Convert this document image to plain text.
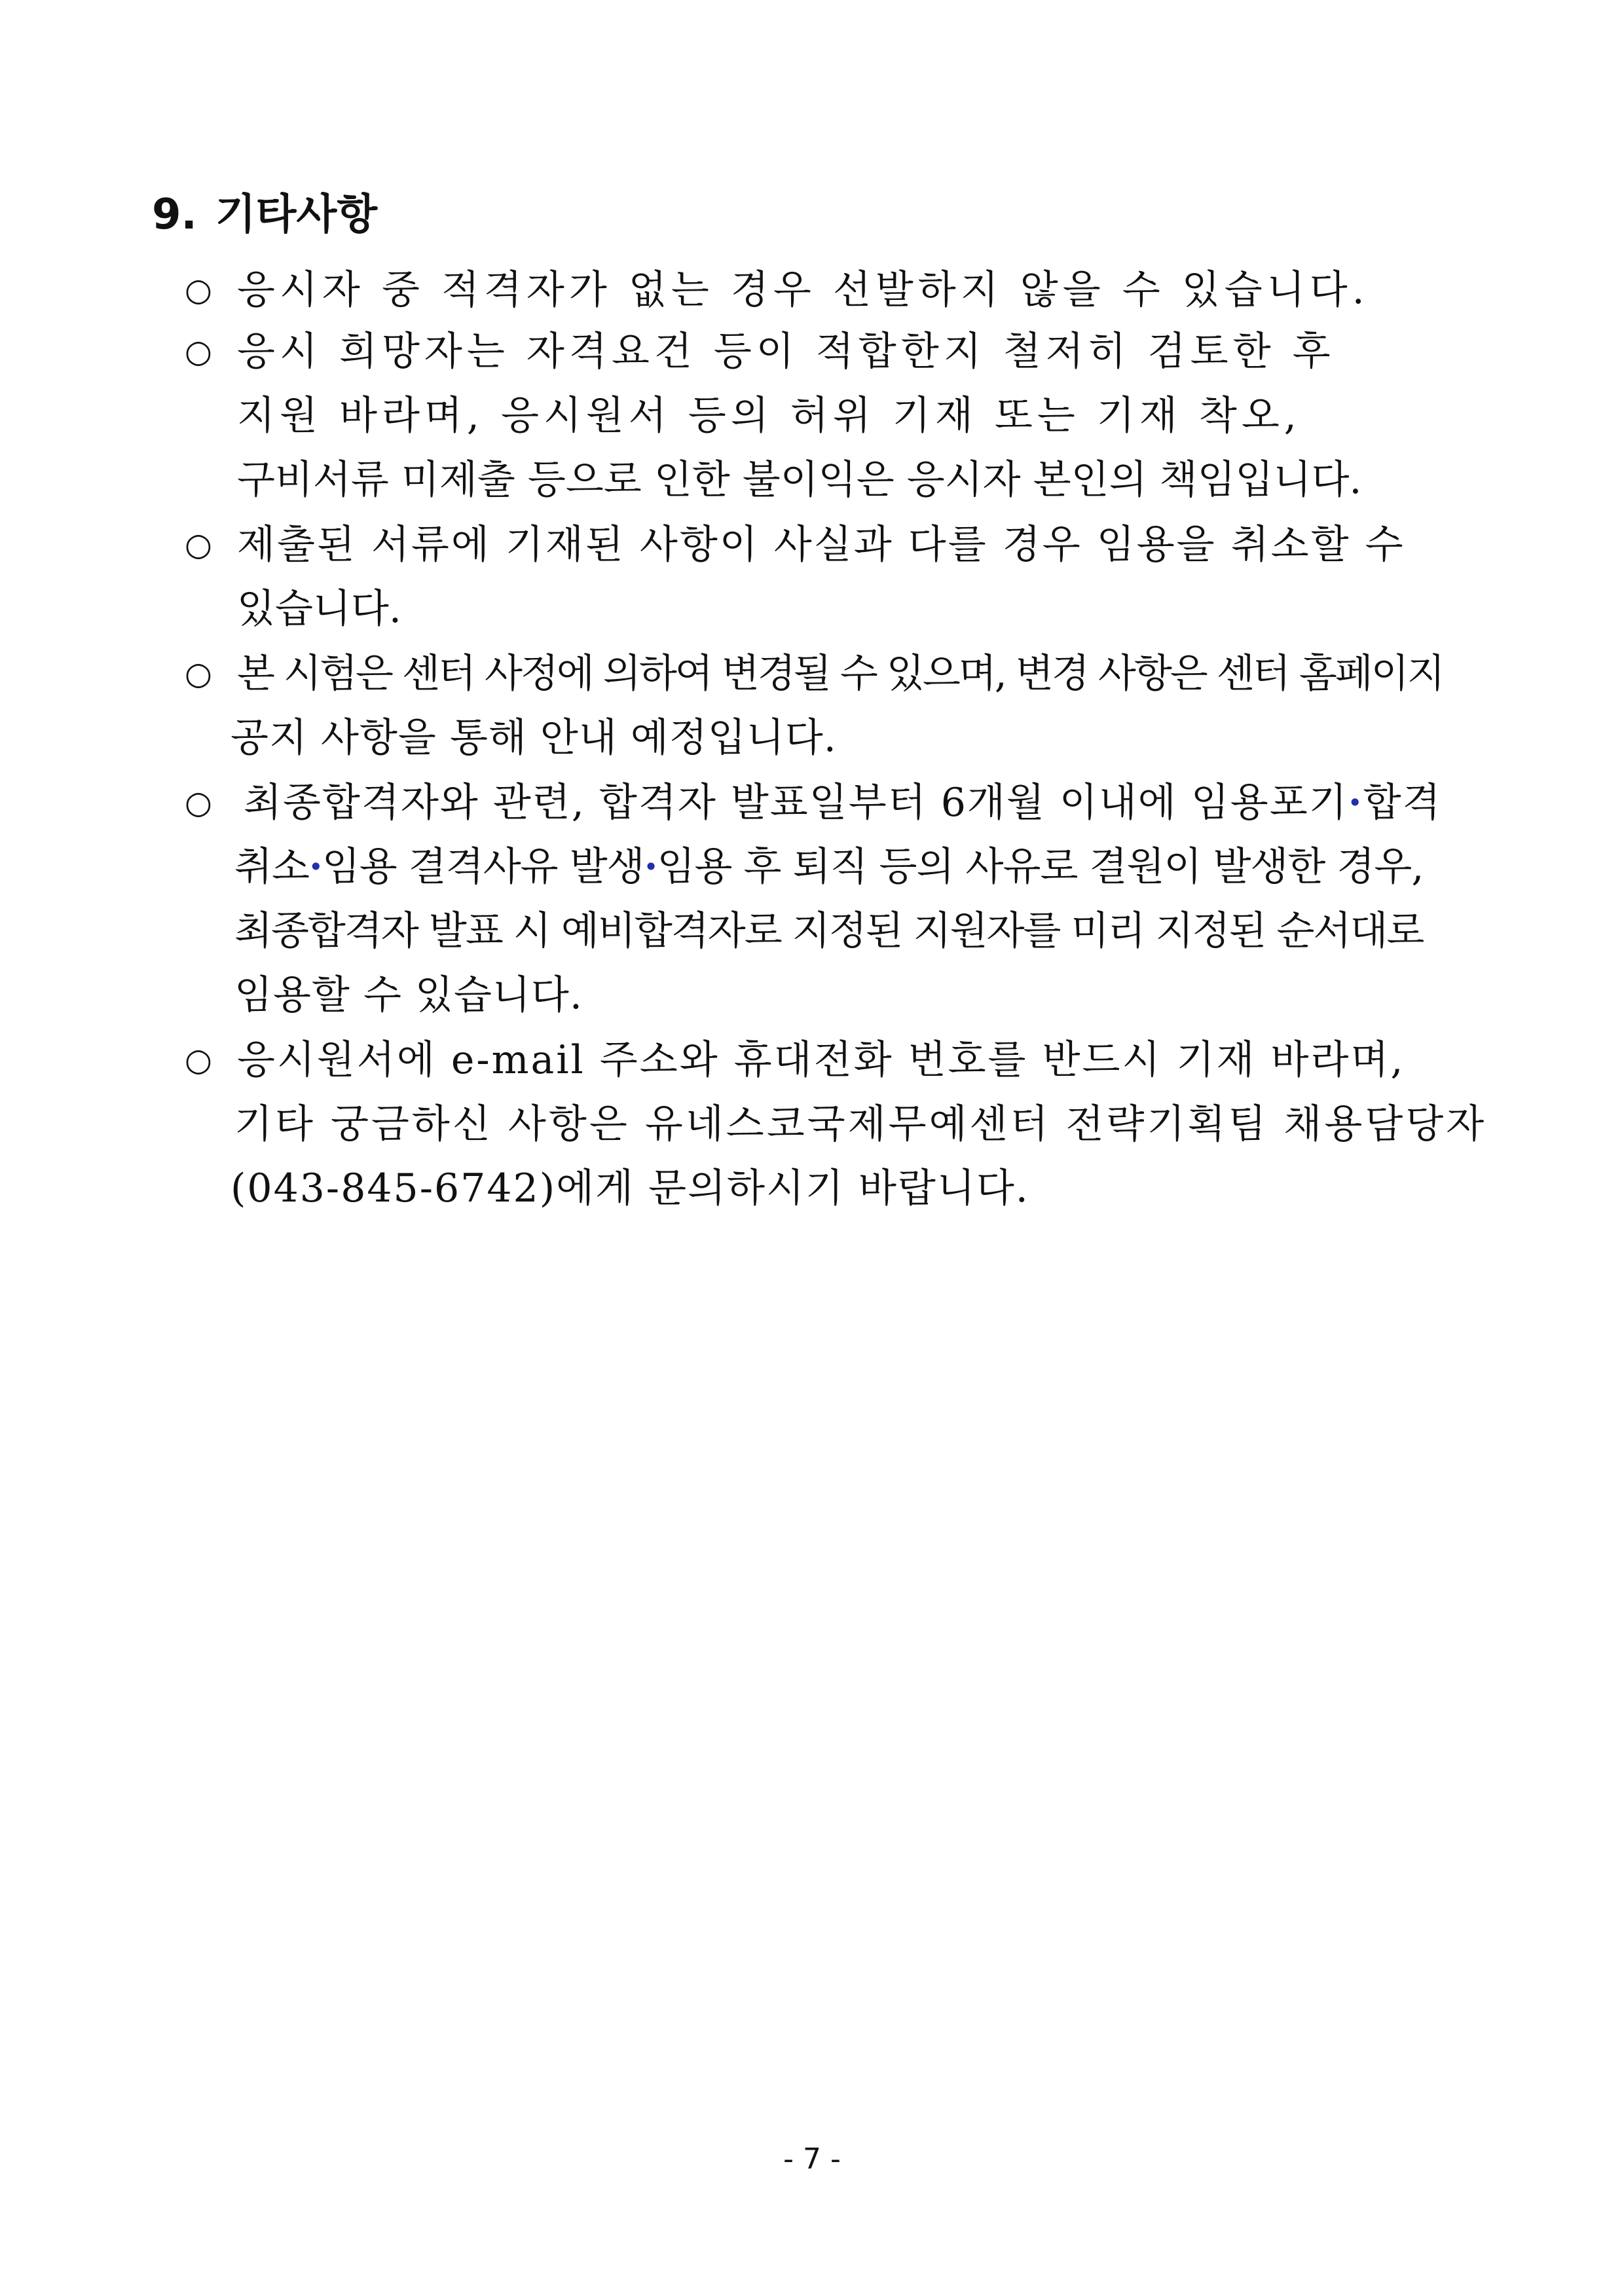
9. 기타사항
○ 응시자 중 적격자가 없는 경우 선발하지 않을 수 있습니다.

○ 응시 희망자는 자격요건 등이 적합한지 철저히 검토한 후

지원 바라며, 응시원서 등의 허위 기재 또는 기재 착오,

구비서류 미제출 등으로 인한 불이익은 응시자 본인의 책임입니다.

○ 제출된 서류에 기재된 사항이 사실과 다를 경우 임용을 취소할 수

있습니다.

○ 본 시험은 센터 사정에 의하여 변경될 수 있으며, 변경 사항은 센터 홈페이지

공지 사항을 통해 안내 예정입니다.

○ 최종합격자와 관련, 합격자 발표일부터 6개월 이내에 임용포기·합격

취소·임용 결격사유 발생·임용 후 퇴직 등의 사유로 결원이 발생한 경우,

최종합격자 발표 시 예비합격자로 지정된 지원자를 미리 지정된 순서대로

임용할 수 있습니다.

○ 응시원서에 e-mail 주소와 휴대전화 번호를 반드시 기재 바라며,

기타 궁금하신 사항은 유네스코국제무예센터 전략기획팀 채용담당자

(043-845-6742)에게 문의하시기 바랍니다.

- 7 -
